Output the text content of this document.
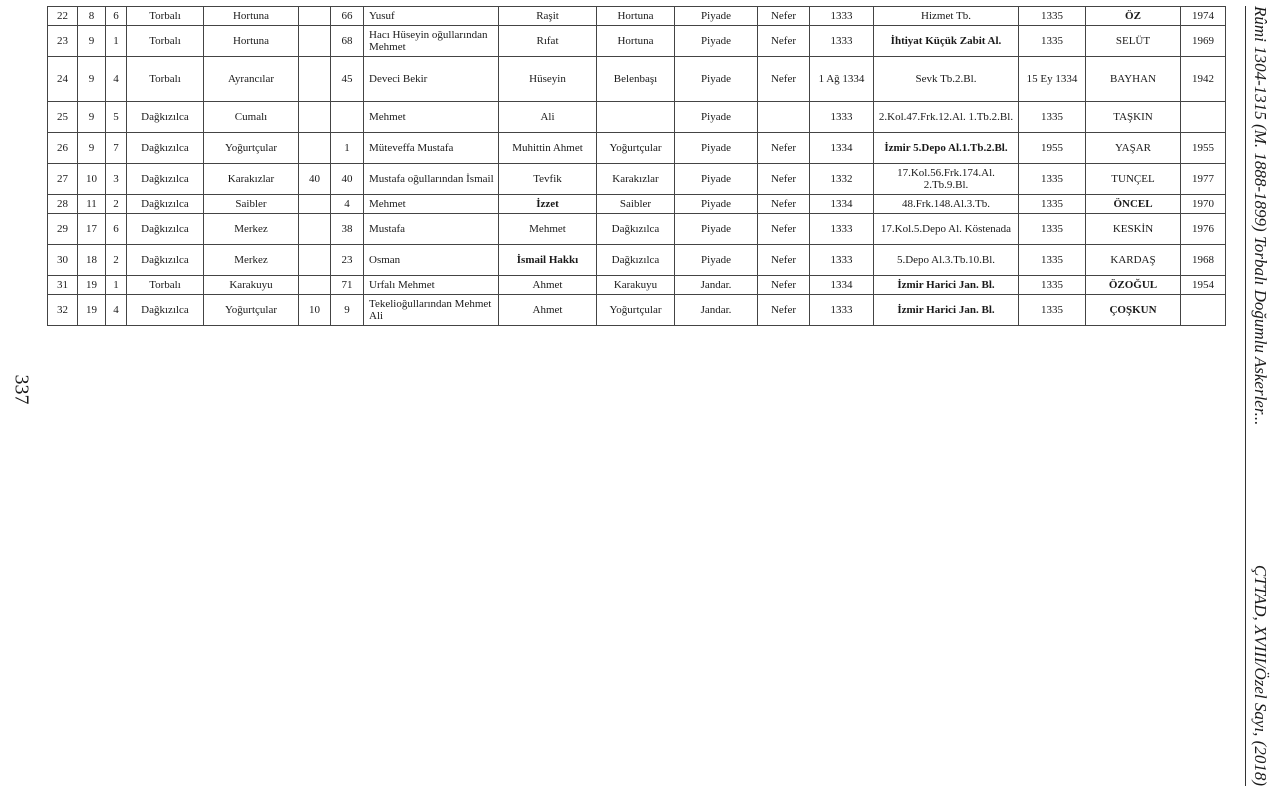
22	8	6	Torbalı	Hortuna		66	Yusuf	Raşit	Hortuna	Piyade	Nefer	1333	Hizmet Tb.	1335	ÖZ	1974
23	9	1	Torbalı	Hortuna		68	Hacı Hüseyin oğullarından Mehmet	Rıfat	Hortuna	Piyade	Nefer	1333	İhtiyat Küçük Zabit Al.	1335	SELÜT	1969
24	9	4	Torbalı	Ayrancılar		45	Deveci Bekir	Hüseyin	Belenbaşı	Piyade	Nefer	1 Ağ 1334	Sevk Tb.2.Bl.	15 Ey 1334	BAYHAN	1942
25	9	5	Dağkızılca	Cumalı			Mehmet	Ali		Piyade		1333	2.Kol.47.Frk.12.Al. 1.Tb.2.Bl.	1335	TAŞKIN	
26	9	7	Dağkızılca	Yoğurtçular		1	Müteveffa Mustafa	Muhittin Ahmet	Yoğurtçular	Piyade	Nefer	1334	İzmir 5.Depo Al.1.Tb.2.Bl.	1955	YAŞAR	1955
27	10	3	Dağkızılca	Karakızlar	40	40	Mustafa oğullarından İsmail	Tevfik	Karakızlar	Piyade	Nefer	1332	17.Kol.56.Frk.174.Al. 2.Tb.9.Bl.	1335	TUNÇEL	1977
28	11	2	Dağkızılca	Saibler		4	Mehmet	İzzet	Saibler	Piyade	Nefer	1334	48.Frk.148.Al.3.Tb.	1335	ÖNCEL	1970
29	17	6	Dağkızılca	Merkez		38	Mustafa	Mehmet	Dağkızılca	Piyade	Nefer	1333	17.Kol.5.Depo Al. Köstenada	1335	KESKİN	1976
30	18	2	Dağkızılca	Merkez		23	Osman	İsmail Hakkı	Dağkızılca	Piyade	Nefer	1333	5.Depo Al.3.Tb.10.Bl.	1335	KARDAŞ	1968
31	19	1	Torbalı	Karakuyu		71	Urfalı Mehmet	Ahmet	Karakuyu	Jandar.	Nefer	1334	İzmir Harici Jan. Bl.	1335	ÖZOĞUL	1954
32	19	4	Dağkızılca	Yoğurtçular	10	9	Tekelioğullarından Mehmet Ali	Ahmet	Yoğurtçular	Jandar.	Nefer	1333	İzmir Harici Jan. Bl.	1335	ÇOŞKUN	
337	Rûmi 1304-1315 (M. 1888-1899) Torbalı Doğumlu Askerler...
ÇTTAD, XVIII/Özel Sayı, (2018)
